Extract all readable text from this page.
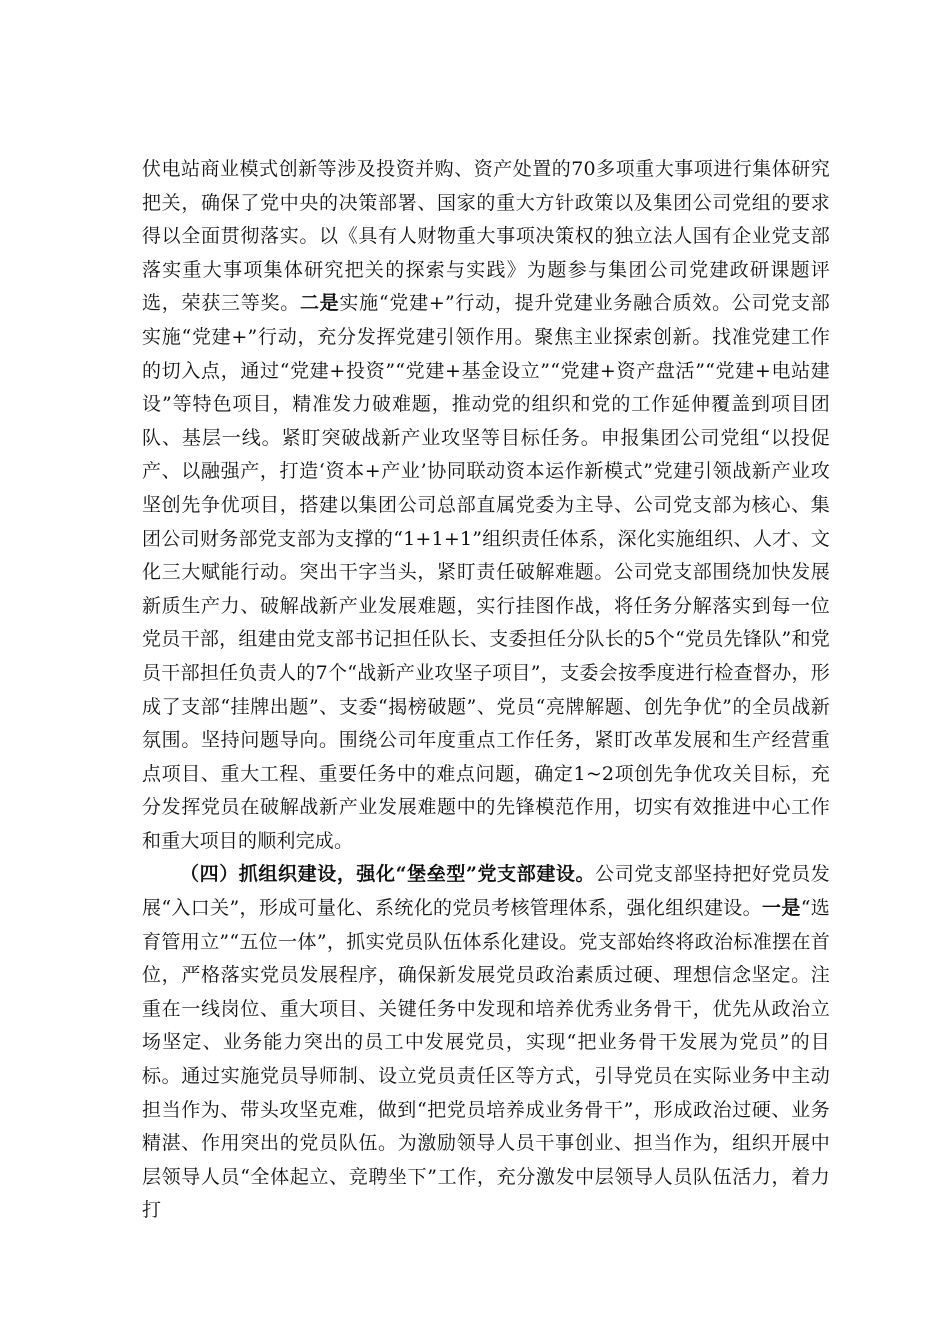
伏电站商业模式创新等涉及投资并购、资产处置的70多项重大事项进行集体研究把关，确保了党中央的决策部署、国家的重大方针政策以及集团公司党组的要求得以全面贯彻落实。以《具有人财物重大事项决策权的独立法人国有企业党支部落实重大事项集体研究把关的探索与实践》为题参与集团公司党建政研课题评选，荣获三等奖。二是实施“党建+”行动，提升党建业务融合质效。公司党支部实施“党建+”行动，充分发挥党建引领作用。聚焦主业探索创新。找准党建工作的切入点，通过“党建+投资”“党建+基金设立”“党建+资产盘活”“党建+电站建设”等特色项目，精准发力破难题，推动党的组织和党的工作延伸覆盖到项目团队、基层一线。紧盯突破战新产业攻坚等目标任务。申报集团公司党组“以投促产、以融强产，打造‘资本+产业’协同联动资本运作新模式”党建引领战新产业攻坚创先争优项目，搭建以集团公司总部直属党委为主导、公司党支部为核心、集团公司财务部党支部为支撑的“1+1+1”组织责任体系，深化实施组织、人才、文化三大赋能行动。突出干字当头，紧盯责任破解难题。公司党支部围绕加快发展新质生产力、破解战新产业发展难题，实行挂图作战，将任务分解落实到每一位党员干部，组建由党支部书记担任队长、支委担任分队长的5个“党员先锋队”和党员干部担任负责人的7个“战新产业攻坚子项目”，支委会按季度进行检查督办，形成了支部“挂牌出题”、支委“揭榜破题”、党员“亮牌解题、创先争优”的全员战新氛围。坚持问题导向。围绕公司年度重点工作任务，紧盯改革发展和生产经营重点项目、重大工程、重要任务中的难点问题，确定1~2项创先争优攻关目标，充分发挥党员在破解战新产业发展难题中的先锋模范作用，切实有效推进中心工作和重大项目的顺利完成。

（四）抓组织建设，强化“堡垒型”党支部建设。公司党支部坚持把好党员发展“入口关”，形成可量化、系统化的党员考核管理体系，强化组织建设。一是“选育管用立”“五位一体”，抓实党员队伍体系化建设。党支部始终将政治标准摆在首位，严格落实党员发展程序，确保新发展党员政治素质过硬、理想信念坚定。注重在一线岗位、重大项目、关键任务中发现和培养优秀业务骨干，优先从政治立场坚定、业务能力突出的员工中发展党员，实现“把业务骨干发展为党员”的目标。通过实施党员导师制、设立党员责任区等方式，引导党员在实际业务中主动担当作为、带头攻坚克难，做到“把党员培养成业务骨干”，形成政治过硬、业务精湛、作用突出的党员队伍。为激励领导人员干事创业、担当作为，组织开展中层领导人员“全体起立、竞聘坐下”工作，充分激发中层领导人员队伍活力，着力打
